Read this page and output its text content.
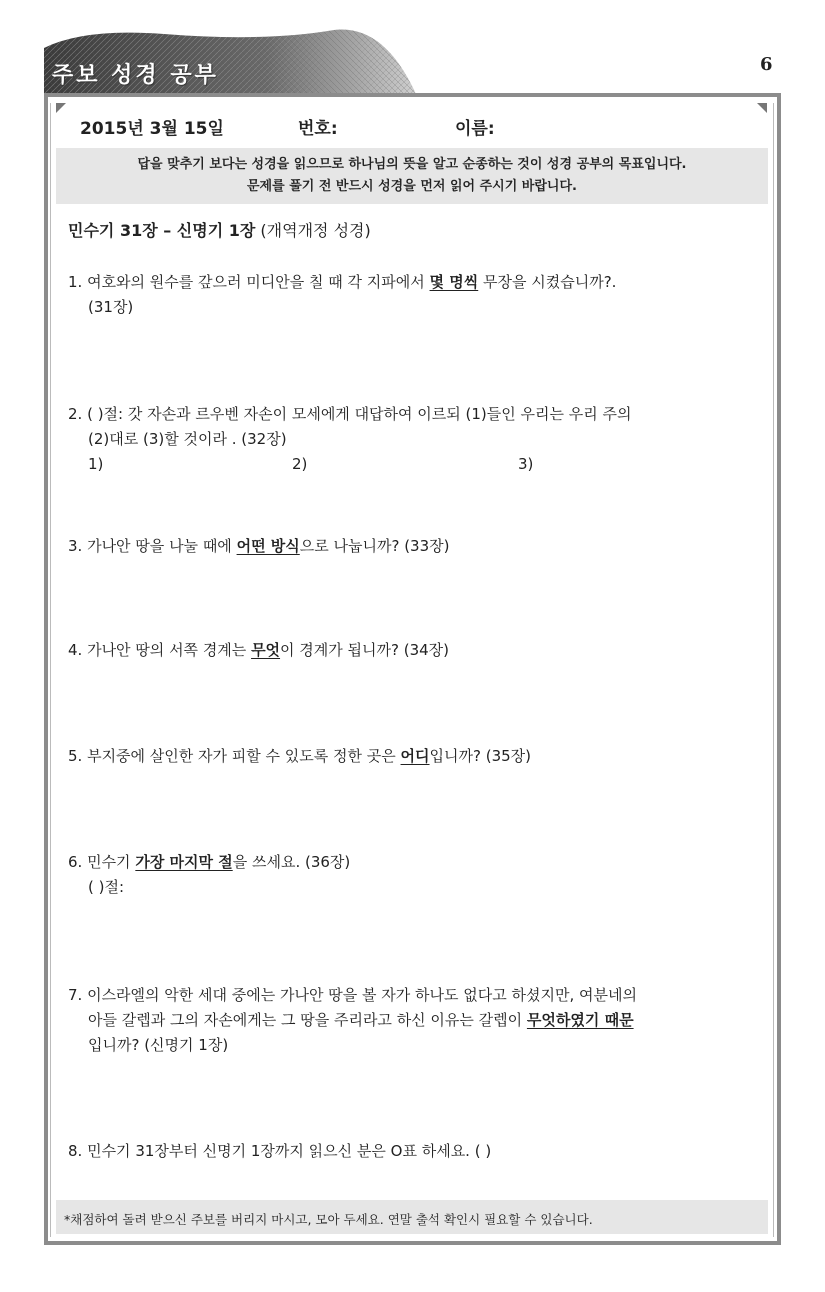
주보 성경 공부	6
2015년 3월 15일	번호:	이름:
답을 맞추기 보다는 성경을 읽으므로 하나님의 뜻을 알고 순종하는 것이 성경 공부의 목표입니다.
문제를 풀기 전 반드시 성경을 먼저 읽어 주시기 바랍니다.
민수기 31장 – 신명기 1장 (개역개정 성경)
1. 여호와의 원수를 갚으러 미디안을 칠 때 각 지파에서 몇 명씩 무장을 시켰습니까?.
(31장)
2. ( )절: 갓 자손과 르우벤 자손이 모세에게 대답하여 이르되 (1)들인 우리는 우리 주의
(2)대로 (3)할 것이라 . (32장)
1)	2)	3)
3. 가나안 땅을 나눌 때에 어떤 방식으로 나눕니까? (33장)
4. 가나안 땅의 서쪽 경계는 무엇이 경계가 됩니까? (34장)
5. 부지중에 살인한 자가 피할 수 있도록 정한 곳은 어디입니까? (35장)
6. 민수기 가장 마지막 절을 쓰세요. (36장)
( )절:
7. 이스라엘의 악한 세대 중에는 가나안 땅을 볼 자가 하나도 없다고 하셨지만, 여분네의
아들 갈렙과 그의 자손에게는 그 땅을 주리라고 하신 이유는 갈렙이 무엇하였기 때문
입니까? (신명기 1장)
8. 민수기 31장부터 신명기 1장까지 읽으신 분은 O표 하세요. ( )
*채점하여 돌려 받으신 주보를 버리지 마시고, 모아 두세요. 연말 출석 확인시 필요할 수 있습니다.
